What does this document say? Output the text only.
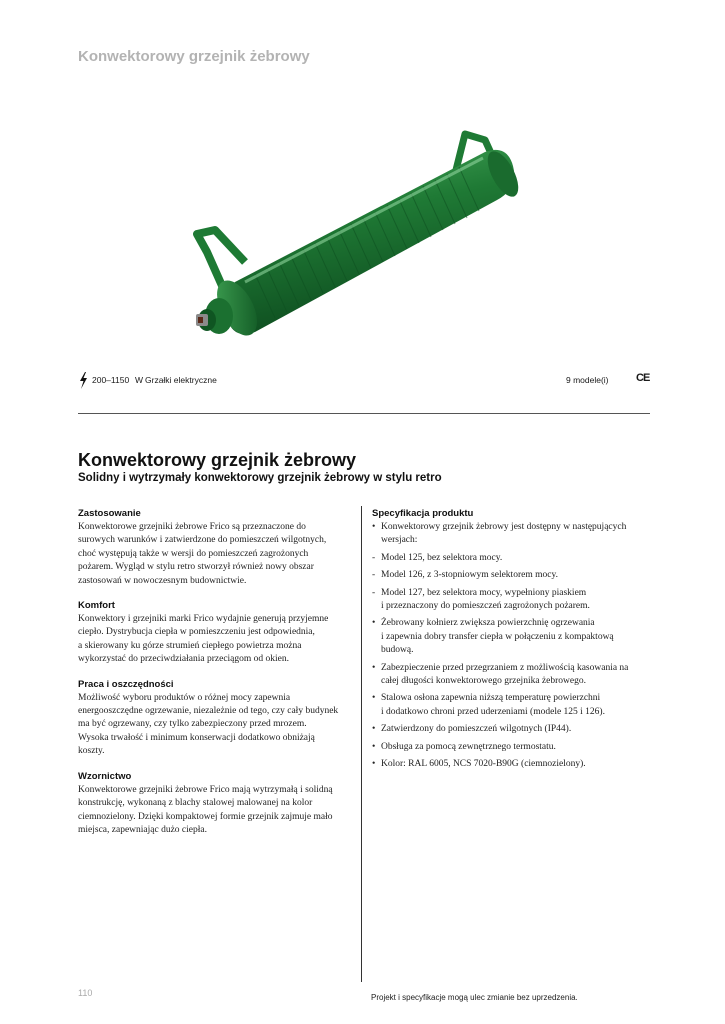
Konwektorowy grzejnik żebrowy
200–1150 W Grzałki elektryczne	9 modele(i) CE
Konwektorowy grzejnik żebrowy
Solidny i wytrzymały konwektorowy grzejnik żebrowy w stylu retro
Zastosowanie

Konwektorowe grzejniki żebrowe Frico są przeznaczone do
surowych warunków i zatwierdzone do pomieszczeń wilgotnych,
choć występują także w wersji do pomieszczeń zagrożonych
pożarem. Wygląd w stylu retro stworzył również nowy obszar
zastosowań w nowoczesnym budownictwie.

Komfort

Konwektory i grzejniki marki Frico wydajnie generują przyjemne
ciepło. Dystrybucja ciepła w pomieszczeniu jest odpowiednia,
a skierowany ku górze strumień ciepłego powietrza można
wykorzystać do przeciwdziałania przeciągom od okien.

Praca i oszczędności

Możliwość wyboru produktów o różnej mocy zapewnia
energooszczędne ogrzewanie, niezależnie od tego, czy cały budynek
ma być ogrzewany, czy tylko zabezpieczony przed mrozem.
Wysoka trwałość i minimum konserwacji dodatkowo obniżają
koszty.

Wzornictwo

Konwektorowe grzejniki żebrowe Frico mają wytrzymałą i solidną
konstrukcję, wykonaną z blachy stalowej malowanej na kolor
ciemnozielony. Dzięki kompaktowej formie grzejnik zajmuje mało
miejsca, zapewniając dużo ciepła.

Specyfikacja produktu
• Konwektorowy grzejnik żebrowy jest dostępny w następujących
wersjach:
- Model 125, bez selektora mocy.
- Model 126, z 3-stopniowym selektorem mocy.
- Model 127, bez selektora mocy, wypełniony piaskiem
i przeznaczony do pomieszczeń zagrożonych pożarem.
• Żebrowany kołnierz zwiększa powierzchnię ogrzewania
i zapewnia dobry transfer ciepła w połączeniu z kompaktową
budową.
• Zabezpieczenie przed przegrzaniem z możliwością kasowania na
całej długości konwektorowego grzejnika żebrowego.
• Stalowa osłona zapewnia niższą temperaturę powierzchni
i dodatkowo chroni przed uderzeniami (modele 125 i 126).
• Zatwierdzony do pomieszczeń wilgotnych (IP44).
• Obsługa za pomocą zewnętrznego termostatu.
• Kolor: RAL 6005, NCS 7020-B90G (ciemnozielony).
110	Projekt i specyfikacje mogą ulec zmianie bez uprzedzenia.
